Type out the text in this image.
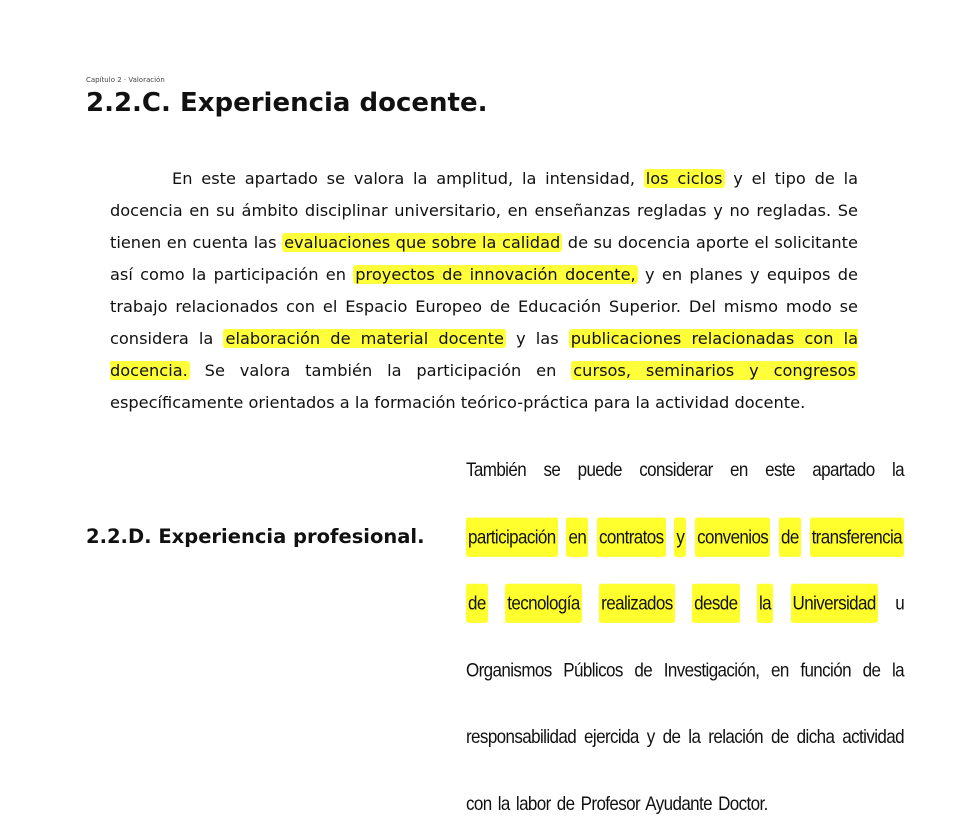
Capítulo 2 · Valoración
2.2.C. Experiencia docente.

En este apartado se valora la amplitud, la intensidad, los ciclos y el tipo de la docencia en su ámbito disciplinar universitario, en enseñanzas regladas y no regladas. Se tienen en cuenta las evaluaciones que sobre la calidad de su docencia aporte el solicitante así como la participación en proyectos de innovación docente, y en planes y equipos de trabajo relacionados con el Espacio Europeo de Educación Superior. Del mismo modo se considera la elaboración de material docente y las publicaciones relacionadas con la docencia. Se valora también la participación en cursos, seminarios y congresos específicamente orientados a la formación teórico-práctica para la actividad docente.

2.2.D. Experiencia profesional.

También se puede considerar en este apartado la participación en contratos y convenios de transferencia de tecnología realizados desde la Universidad u Organismos Públicos de Investigación, en función de la responsabilidad ejercida y de la relación de dicha actividad con la labor de Profesor Ayudante Doctor.
